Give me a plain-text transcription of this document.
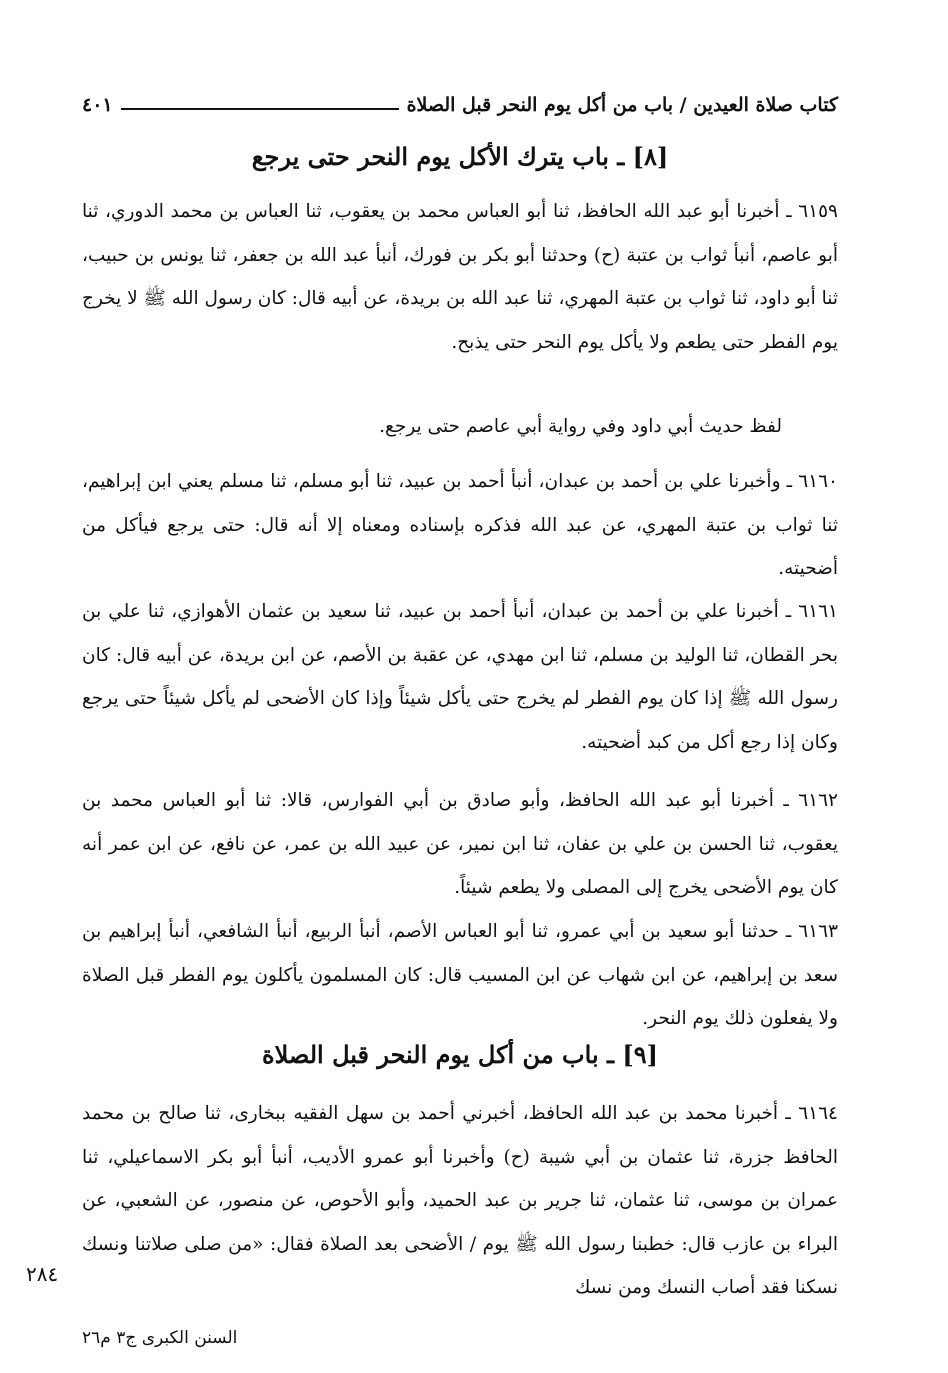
كتاب صلاة العيدين / باب من أكل يوم النحر قبل الصلاة
٤٠١
[٨] ـ باب يترك الأكل يوم النحر حتى يرجع
٦١٥٩ ـ أخبرنا أبو عبد الله الحافظ، ثنا أبو العباس محمد بن يعقوب، ثنا العباس بن محمد الدوري، ثنا أبو عاصم، أنبأ ثواب بن عتبة (ح) وحدثنا أبو بكر بن فورك، أنبأ عبد الله بن جعفر، ثنا يونس بن حبيب، ثنا أبو داود، ثنا ثواب بن عتبة المهري، ثنا عبد الله بن بريدة، عن أبيه قال: كان رسول الله ﷺ لا يخرج يوم الفطر حتى يطعم ولا يأكل يوم النحر حتى يذبح.
لفظ حديث أبي داود وفي رواية أبي عاصم حتى يرجع.
٦١٦٠ ـ وأخبرنا علي بن أحمد بن عبدان، أنبأ أحمد بن عبيد، ثنا أبو مسلم، ثنا مسلم يعني ابن إبراهيم، ثنا ثواب بن عتبة المهري، عن عبد الله فذكره بإسناده ومعناه إلا أنه قال: حتى يرجع فيأكل من أضحيته.
٦١٦١ ـ أخبرنا علي بن أحمد بن عبدان، أنبأ أحمد بن عبيد، ثنا سعيد بن عثمان الأهوازي، ثنا علي بن بحر القطان، ثنا الوليد بن مسلم، ثنا ابن مهدي، عن عقبة بن الأصم، عن ابن بريدة، عن أبيه قال: كان رسول الله ﷺ إذا كان يوم الفطر لم يخرج حتى يأكل شيئاً وإذا كان الأضحى لم يأكل شيئاً حتى يرجع وكان إذا رجع أكل من كبد أضحيته.
٦١٦٢ ـ أخبرنا أبو عبد الله الحافظ، وأبو صادق بن أبي الفوارس، قالا: ثنا أبو العباس محمد بن يعقوب، ثنا الحسن بن علي بن عفان، ثنا ابن نمير، عن عبيد الله بن عمر، عن نافع، عن ابن عمر أنه كان يوم الأضحى يخرج إلى المصلى ولا يطعم شيئاً.
٦١٦٣ ـ حدثنا أبو سعيد بن أبي عمرو، ثنا أبو العباس الأصم، أنبأ الربيع، أنبأ الشافعي، أنبأ إبراهيم بن سعد بن إبراهيم، عن ابن شهاب عن ابن المسيب قال: كان المسلمون يأكلون يوم الفطر قبل الصلاة ولا يفعلون ذلك يوم النحر.
[٩] ـ باب من أكل يوم النحر قبل الصلاة
٦١٦٤ ـ أخبرنا محمد بن عبد الله الحافظ، أخبرني أحمد بن سهل الفقيه ببخارى، ثنا صالح بن محمد الحافظ جزرة، ثنا عثمان بن أبي شيبة (ح) وأخبرنا أبو عمرو الأديب، أنبأ أبو بكر الاسماعيلي، ثنا عمران بن موسى، ثنا عثمان، ثنا جرير بن عبد الحميد، وأبو الأحوص، عن منصور، عن الشعبي، عن البراء بن عازب قال: خطبنا رسول الله ﷺ يوم / الأضحى بعد الصلاة فقال: «من صلى صلاتنا ونسك نسكنا فقد أصاب النسك ومن نسك
٢٨٤
السنن الكبرى ج٣ م٢٦
